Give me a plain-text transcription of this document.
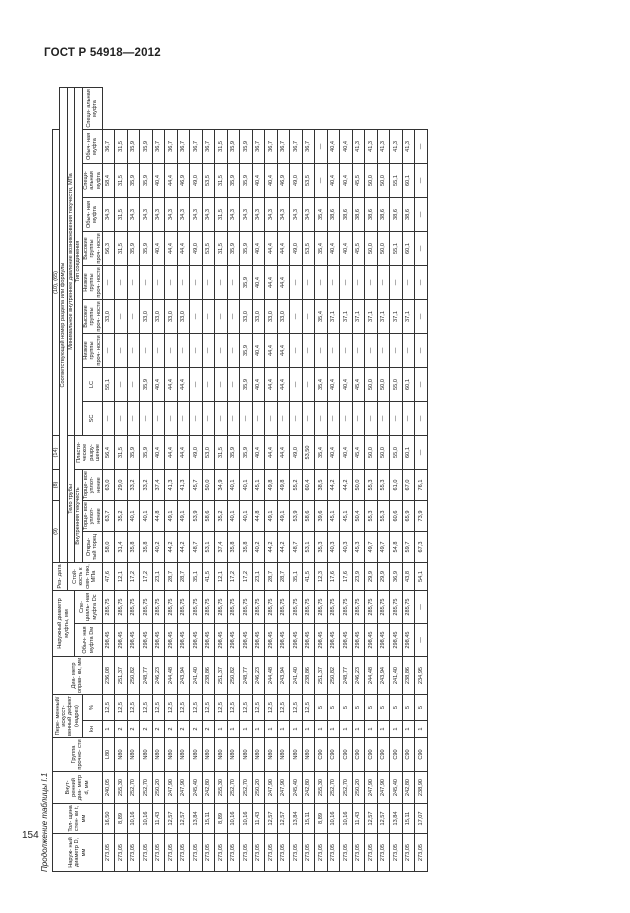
ГОСТ Р 54918—2012
154 Продолжение таблицы I.1	Наруж- ный диаметр D, мм	Тол- щина стен- ки t, мм	Внут- ренний диа- метр d, мм	Группа прочно- сти	Пере- менный/ искусст- венный дефект (надрез)		Диа- метр оправ- ки, мм	Наружный диаметр муфты, мм		Рез- дата	(9)		(8)	(14)	(10), (65)									
										Соответствующий номер раздела или формулы													
									Стой- кость к смя- тию, МПа	Тело трубы				Минимальное внутреннее давление возникновения текучести, МПа									
							Обыч- ная муфта Dм	Спе- циаль- ная муфта Dс		Внутренняя текучесть			Пласти- ческое разру- шение	Тип соединения									
				kн	%					Откры- тый торец	Торце- вое уплот- нение	Торце- вое уплот- нение		SC	LC	Низкие группы проч- ности	Высокие группы проч- ности	Низкие группы проч- ности	Высокие группы проч- ности	Обыч- ная муфта	Специ- альная муфта	Обыч- ная муфта	Специ- альная муфта
273,05	16,50	240,05	L80	1	12,5	236,08	298,45	285,75	47,6	58,0	63,7	63,0	56,4	—	55,1	—	33,0	—	56,3	34,3	58,4	36,7	
273,05	8,89	255,30	N80	2	12,5	251,37	298,45	285,75	12,1	31,4	35,2	29,0	31,5	—	—	—	—	—	31,5	31,5	31,5	31,5	
273,05	10,16	252,70	N80	2	12,5	250,82	298,45	285,75	17,2	35,8	40,1	33,2	35,9	—	—	—	—	—	35,9	34,3	35,9	35,9	
273,05	10,16	252,70	N80	2	12,5	248,77	298,45	285,75	17,2	35,8	40,1	33,2	35,9	—	35,9	—	33,0	—	35,9	34,3	35,9	35,9	
273,05	11,43	250,20	N80	2	12,5	246,23	298,45	285,75	23,1	40,2	44,8	37,4	40,4	—	40,4	—	33,0	—	40,4	34,3	40,4	36,7	
273,05	12,57	247,90	N80	2	12,5	244,48	298,45	285,75	28,7	44,2	49,1	41,3	44,4	—	44,4	—	33,0	—	44,4	34,3	44,4	36,7	
273,05	12,57	247,90	N80	2	12,5	243,94	298,45	285,75	28,7	44,2	49,1	41,3	44,4	—	44,4	—	33,0	—	44,4	34,3	46,9	36,7	
273,05	13,84	245,40	N80	2	12,5	241,40	298,45	285,75	35,1	48,7	53,9	45,7	49,0	—	—	—	—	—	49,0	34,3	49,0	36,7	
273,05	15,11	242,80	N80	2	12,5	238,86	298,45	285,75	41,5	53,1	58,6	50,0	53,0	—	—	—	—	—	53,5	34,3	53,5	36,7	
273,05	8,89	255,30	N80	1	12,5	251,37	298,45	285,75	12,1	37,4	35,2	34,9	31,5	—	—	—	—	—	31,5	31,5	31,5	31,5	
273,05	10,16	252,70	N80	1	12,5	250,82	298,45	285,75	17,2	35,8	40,1	40,1	35,9	—	—	—	—	—	35,9	34,3	35,9	35,9	
273,05	10,16	252,70	N80	1	12,5	248,77	298,45	285,75	17,2	35,8	40,1	40,1	35,9	—	35,9	35,9	33,0	35,9	35,9	34,3	35,9	35,9	
273,05	11,43	250,20	N80	1	12,5	246,23	298,45	285,75	23,1	40,2	44,8	45,1	40,4	—	40,4	40,4	33,0	40,4	40,4	34,3	40,4	36,7	
273,05	12,57	247,90	N80	1	12,5	244,48	298,45	285,75	28,7	44,2	49,1	49,8	44,4	—	44,4	44,4	33,0	44,4	44,4	34,3	40,4	36,7	
273,05	12,57	247,90	N80	1	12,5	243,94	298,45	285,75	28,7	44,2	49,1	49,8	44,4	—	44,4	44,4	33,0	44,4	44,4	34,3	46,9	36,7	
273,05	13,84	245,40	N80	1	12,5	241,40	298,45	285,75	35,1	48,7	53,9	55,2	49,0	—	—	—	—	—	49,0	34,3	49,0	36,7	
273,05	15,11	242,80	N80	1	12,5	238,86	298,45	285,75	41,5	53,1	58,6	60,4	53,50	—	—	—	—	—	53,5	34,3	53,5	36,7	
273,05	8,89	255,30	C90	1	5	251,37	298,45	285,75	12,3	35,3	39,6	38,5	35,4	—	35,4	—	35,4	—	35,4	35,4	—	—	
273,05	10,16	252,70	C90	1	5	250,82	298,45	285,75	17,6	40,3	45,1	44,2	40,4	—	40,4	—	37,1	—	40,4	38,6	40,4	40,4	
273,05	10,16	252,70	C90	1	5	248,77	298,45	285,75	17,6	40,3	45,1	44,2	40,4	—	40,4	—	37,1	—	40,4	38,6	40,4	40,4	
273,05	11,43	250,20	C90	1	5	246,23	298,45	285,75	23,9	45,3	50,4	50,0	45,4	—	45,4	—	37,1	—	45,5	38,6	45,5	41,3	
273,05	12,57	247,90	C90	1	5	244,48	298,45	285,75	29,9	49,7	55,3	55,3	50,0	—	50,0	—	37,1	—	50,0	38,6	50,0	41,3	
273,05	12,57	247,90	C90	1	5	243,94	298,45	285,75	29,9	49,7	55,3	55,3	50,0	—	50,0	—	37,1	—	50,0	38,6	50,0	41,3	
273,05	13,84	245,40	C90	1	5	241,40	298,45	285,75	36,9	54,8	60,6	61,0	55,0	—	55,0	—	37,1	—	55,1	38,6	55,1	41,3	
273,05	15,11	242,80	C90	1	5	238,86	298,45	285,75	43,8	59,7	65,9	67,0	60,1	—	60,1	—	37,1	—	60,1	38,6	60,1	41,3	
273,05	17,07	238,90	C90	1	5	234,95	—	—	54,1	67,3	73,9	76,1	—	—	—	—	—	—	—	—	—	—	
